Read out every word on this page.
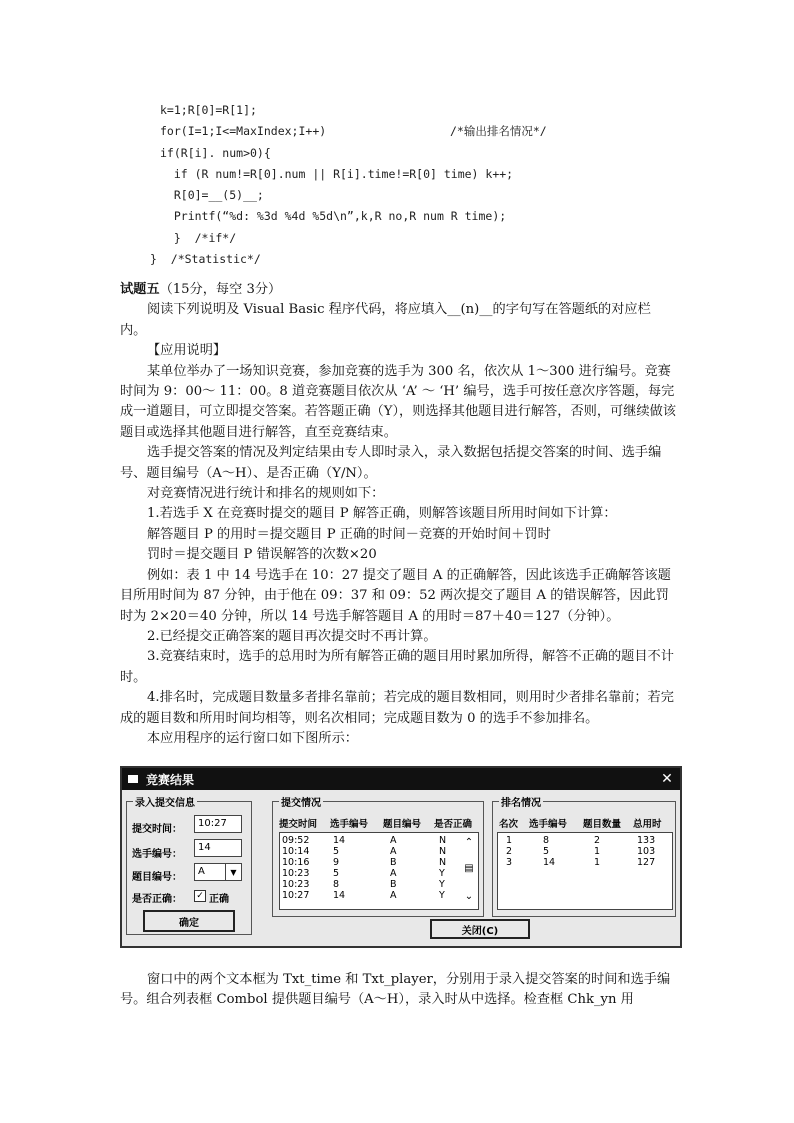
k=1;R[0]=R[1];
for(I=1;I<=MaxIndex;I++)	/*输出排名情况*/
if(R[i]. num>0){
if (R num!=R[0].num || R[i].time!=R[0] time) k++;
R[0]=__(5)__;
Printf(“%d: %3d %4d %5d\n”,k,R no,R num R time);
}  /*if*/
}  /*Statistic*/

试题五（15分，每空 3分）

阅读下列说明及 Visual Basic 程序代码，将应填入__(n)__的字句写在答题纸的对应栏内。

【应用说明】

某单位举办了一场知识竞赛，参加竞赛的选手为 300 名，依次从 1～300 进行编号。竞赛时间为 9：00～ 11：00。8 道竞赛题目依次从 ‘A’ ～ ‘H’ 编号，选手可按任意次序答题，每完成一道题目，可立即提交答案。若答题正确（Y），则选择其他题目进行解答，否则，可继续做该题目或选择其他题目进行解答，直至竞赛结束。

选手提交答案的情况及判定结果由专人即时录入，录入数据包括提交答案的时间、选手编号、题目编号（A～H）、是否正确（Y/N）。

对竞赛情况进行统计和排名的规则如下：

1.若选手 X 在竞赛时提交的题目 P 解答正确，则解答该题目所用时间如下计算：

解答题目 P 的用时＝提交题目 P 正确的时间－竞赛的开始时间＋罚时

罚时＝提交题目 P 错误解答的次数×20

例如：表 1 中 14 号选手在 10：27 提交了题目 A 的正确解答，因此该选手正确解答该题目所用时间为 87 分钟，由于他在 09：37 和 09：52 两次提交了题目 A 的错误解答，因此罚时为 2×20＝40 分钟，所以 14 号选手解答题目 A 的用时＝87＋40＝127（分钟）。

2.已经提交正确答案的题目再次提交时不再计算。

3.竞赛结束时，选手的总用时为所有解答正确的题目用时累加所得，解答不正确的题目不计时。

4.排名时，完成题目数量多者排名靠前；若完成的题目数相同，则用时少者排名靠前；若完成的题目数和所用时间均相等，则名次相同；完成题目数为 0 的选手不参加排名。

本应用程序的运行窗口如下图所示：

竞赛结果	✕
录入提交信息
提交时间：
10:27
选手编号：
14
题目编号：
A	▼
是否正确： ✓ 正确
确定
提交情况
提交时间 选手编号 题目编号 是否正确
09:52 14	A	N
10:14 5	A	N
10:16 9	B	N
10:23 5	A	Y
10:23 8	B	Y
10:27 14	A	Y
⌃
▤
⌄
排名情况
名次 选手编号 题目数量 总用时
1	8	2	133
2	5	1	103
3	14	1	127
关闭(C)

窗口中的两个文本框为 Txt_time 和 Txt_player，分别用于录入提交答案的时间和选手编号。组合列表框 Combol 提供题目编号（A～H），录入时从中选择。检查框 Chk_yn 用
